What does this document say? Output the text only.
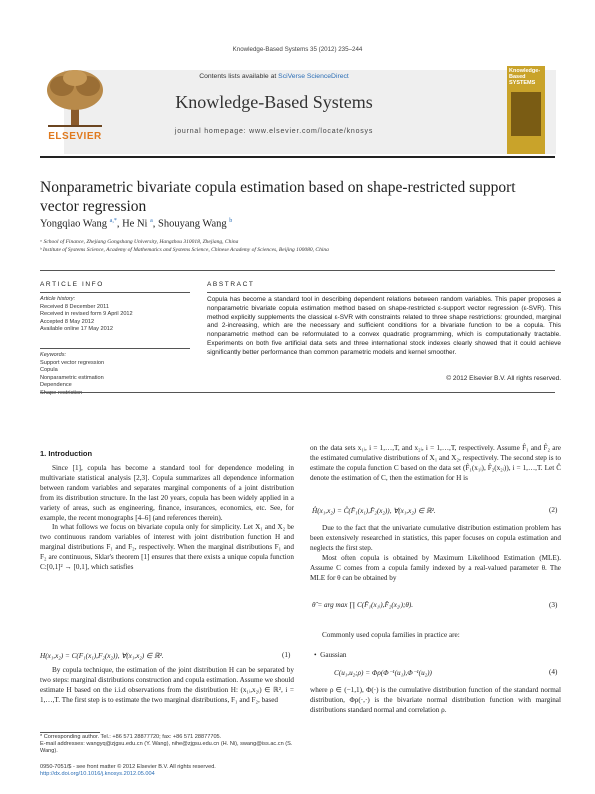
Knowledge-Based Systems 35 (2012) 235–244
ELSEVIER
Contents lists available at SciVerse ScienceDirect
Knowledge-Based Systems
journal homepage: www.elsevier.com/locate/knosys
Knowledge-Based SYSTEMS
Nonparametric bivariate copula estimation based on shape-restricted support vector regression
Yongqiao Wang $^{a,*}$, He Ni $^a$, Shouyang Wang $^b$
ᵃ School of Finance, Zhejiang Gongshang University, Hangzhou 310018, Zhejiang, China
ᵇ Institute of Systems Science, Academy of Mathematics and Systems Science, Chinese Academy of Sciences, Beijing 100080, China
ARTICLE INFO
Article history:
Received 8 December 2011
Received in revised form 9 April 2012
Accepted 8 May 2012
Available online 17 May 2012
Keywords:
Support vector regression
Copula
Nonparametric estimation
Dependence
Shape-restriction
ABSTRACT
Copula has become a standard tool in describing dependent relations between random variables. This paper proposes a nonparametric bivariate copula estimation method based on shape-restricted ε-support vector regression (ε-SVR). This method explicitly supplements the classical ε-SVR with constraints related to three shape restrictions: grounded, marginal and 2-increasing, which are the necessary and sufficient conditions for a bivariate function to be a copula. This nonparametric method can be reformulated to a convex quadratic programming, which is computationally tractable. Experiments on both five artificial data sets and three international stock indexes clearly showed that it could achieve significantly better performance than common parametric models and kernel smoother.
© 2012 Elsevier B.V. All rights reserved.
1. Introduction

Since [1], copula has become a standard tool for dependence modeling in multivariate statistical analysis [2,3]. Copula summarizes all dependence information between random variables and separates marginal components of a joint distribution from its distribution structure. In the last 20 years, copula has been widely applied in a variety of areas, such as engineering, finance, insurances, economics, etc. See, for example, the recent monographs [4–6] (and references therein).

In what follows we focus on bivariate copula only for simplicity. Let X₁ and X₂ be two continuous random variables of interest with joint distribution function H and marginal distributions F₁ and F₂, respectively. When the marginal distributions F₁ and F₂ are continuous, Sklar's theorem [1] ensures that there exists a unique copula function C:[0,1]² → [0,1], which satisfies

H(x₁,x₂) = C(F₁(x₁),F₂(x₂)), ∀(x₁,x₂) ∈ ℝ².	(1)

By copula technique, the estimation of the joint distribution H can be separated by two steps: marginal distributions construction and copula estimation. Assume we should estimate H based on the i.i.d observations from the distribution H: (x₁ᵢ,x₂ᵢ) ∈ ℝ², i = 1,…,T. The first step is to estimate the two marginal distributions, F₁ and F₂, based

* Corresponding author. Tel.: +86 571 28877720; fax: +86 571 28877705.
E-mail addresses: wangyq@zjgsu.edu.cn (Y. Wang), nihe@zjgsu.edu.cn (H. Ni), swang@iss.ac.cn (S. Wang).
0950-7051/$ - see front matter © 2012 Elsevier B.V. All rights reserved.
http://dx.doi.org/10.1016/j.knosys.2012.05.004

on the data sets x₁ᵢ, i = 1,…,T, and x₂ᵢ, i = 1,…,T, respectively. Assume F̂₁ and F̂₂ are the estimated cumulative distributions of X₁ and X₂, respectively. The second step is to estimate the copula function C based on the data set (F̂₁(x₁ᵢ), F̂₂(x₂ᵢ)), i = 1,…,T. Let Ĉ denote the estimation of C, then the estimation for H is

Ĥ(x₁,x₂) = Ĉ(F̂₁(x₁),F̂₂(x₂)), ∀(x₁,x₂) ∈ ℝ².	(2)

Due to the fact that the univariate cumulative distribution estimation problem has been extensively researched in statistics, this paper focuses on copula estimation and neglects the first step.

Most often copula is obtained by Maximum Likelihood Estimation (MLE). Assume C comes from a copula family indexed by a real-valued parameter θ. The MLE for θ can be obtained by

θ̂ = arg max ∏ C(F̂₁(x₁ᵢ),F̂₂(x₂ᵢ);θ).	(3)
Commonly used copula families in practice are:
• Gaussian
C(u₁,u₂;ρ) = Φρ(Φ⁻¹(u₁),Φ⁻¹(u₂))	(4)
where ρ ∈ (−1,1), Φ(·) is the cumulative distribution function of the standard normal distribution, Φρ(·,·) is the bivariate normal distribution function with marginal distributions standard normal and correlation ρ.
